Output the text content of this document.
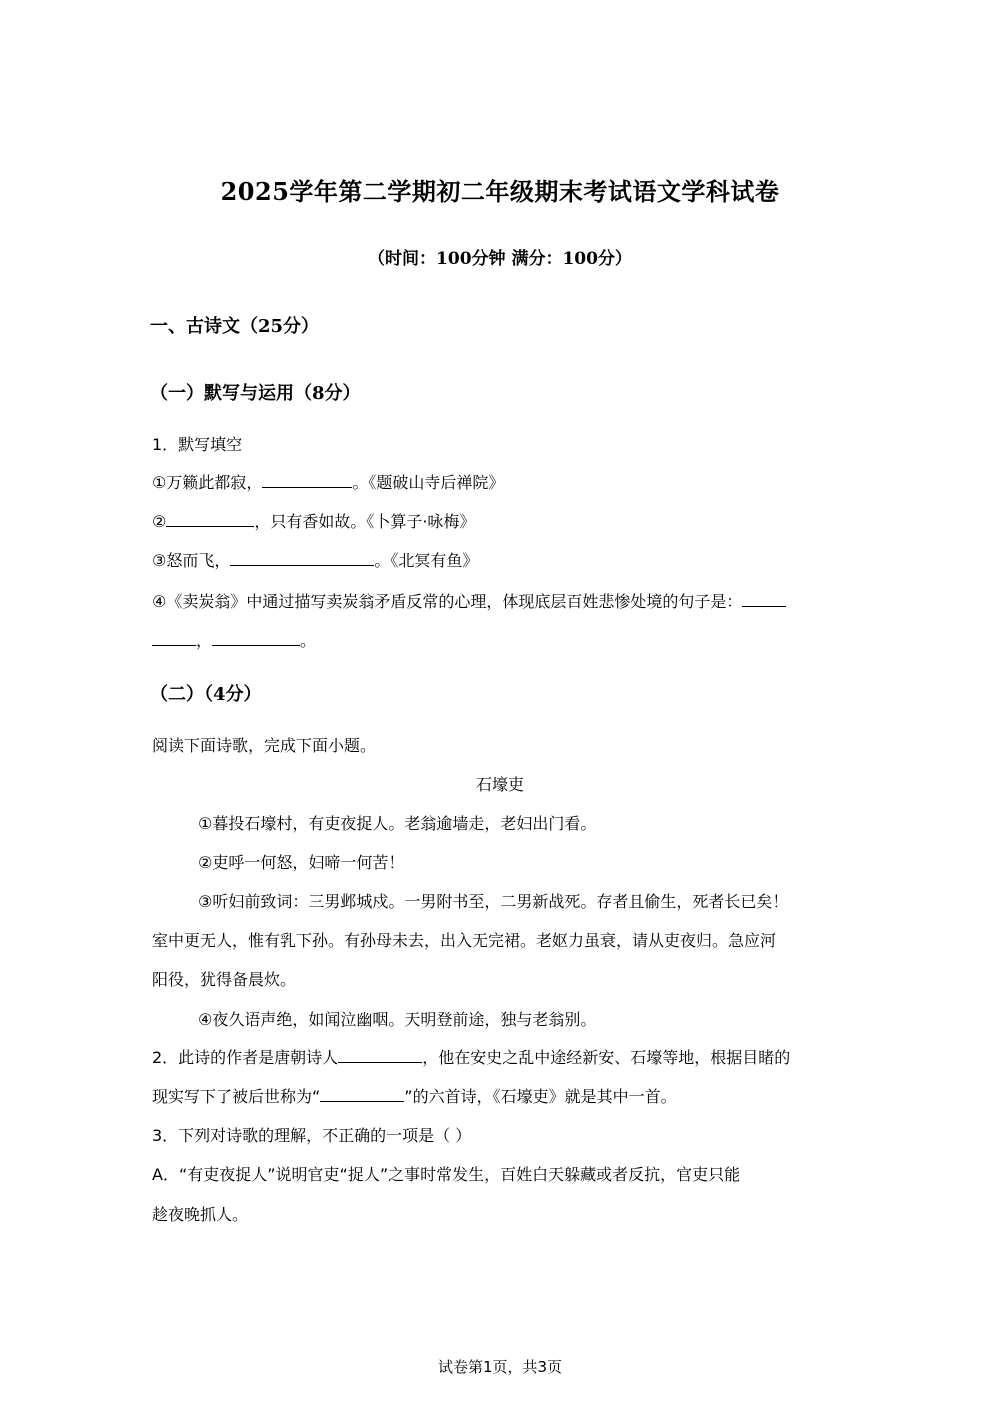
2025学年第二学期初二年级期末考试语文学科试卷
（时间：100分钟 满分：100分）
一、古诗文（25分）
（一）默写与运用（8分）
1．默写填空
①万籁此都寂，	。《题破山寺后禅院》
②	，只有香如故。《卜算子·咏梅》
③怒而飞，	。《北冥有鱼》
④《卖炭翁》中通过描写卖炭翁矛盾反常的心理，体现底层百姓悲惨处境的句子是：
，	。
（二）（4分）
阅读下面诗歌，完成下面小题。
石壕吏
①暮投石壕村，有吏夜捉人。老翁逾墙走，老妇出门看。
②吏呼一何怒，妇啼一何苦！
③听妇前致词：三男邺城戍。一男附书至，二男新战死。存者且偷生，死者长已矣！
室中更无人，惟有乳下孙。有孙母未去，出入无完裙。老妪力虽衰，请从吏夜归。急应河
阳役，犹得备晨炊。
④夜久语声绝，如闻泣幽咽。天明登前途，独与老翁别。
2．此诗的作者是唐朝诗人	，他在安史之乱中途经新安、石壕等地，根据目睹的
现实写下了被后世称为“	”的六首诗，《石壕吏》就是其中一首。
3．下列对诗歌的理解，不正确的一项是（ ）
A．“有吏夜捉人”说明官吏“捉人”之事时常发生，百姓白天躲藏或者反抗，官吏只能
趁夜晚抓人。
试卷第1页，共3页
